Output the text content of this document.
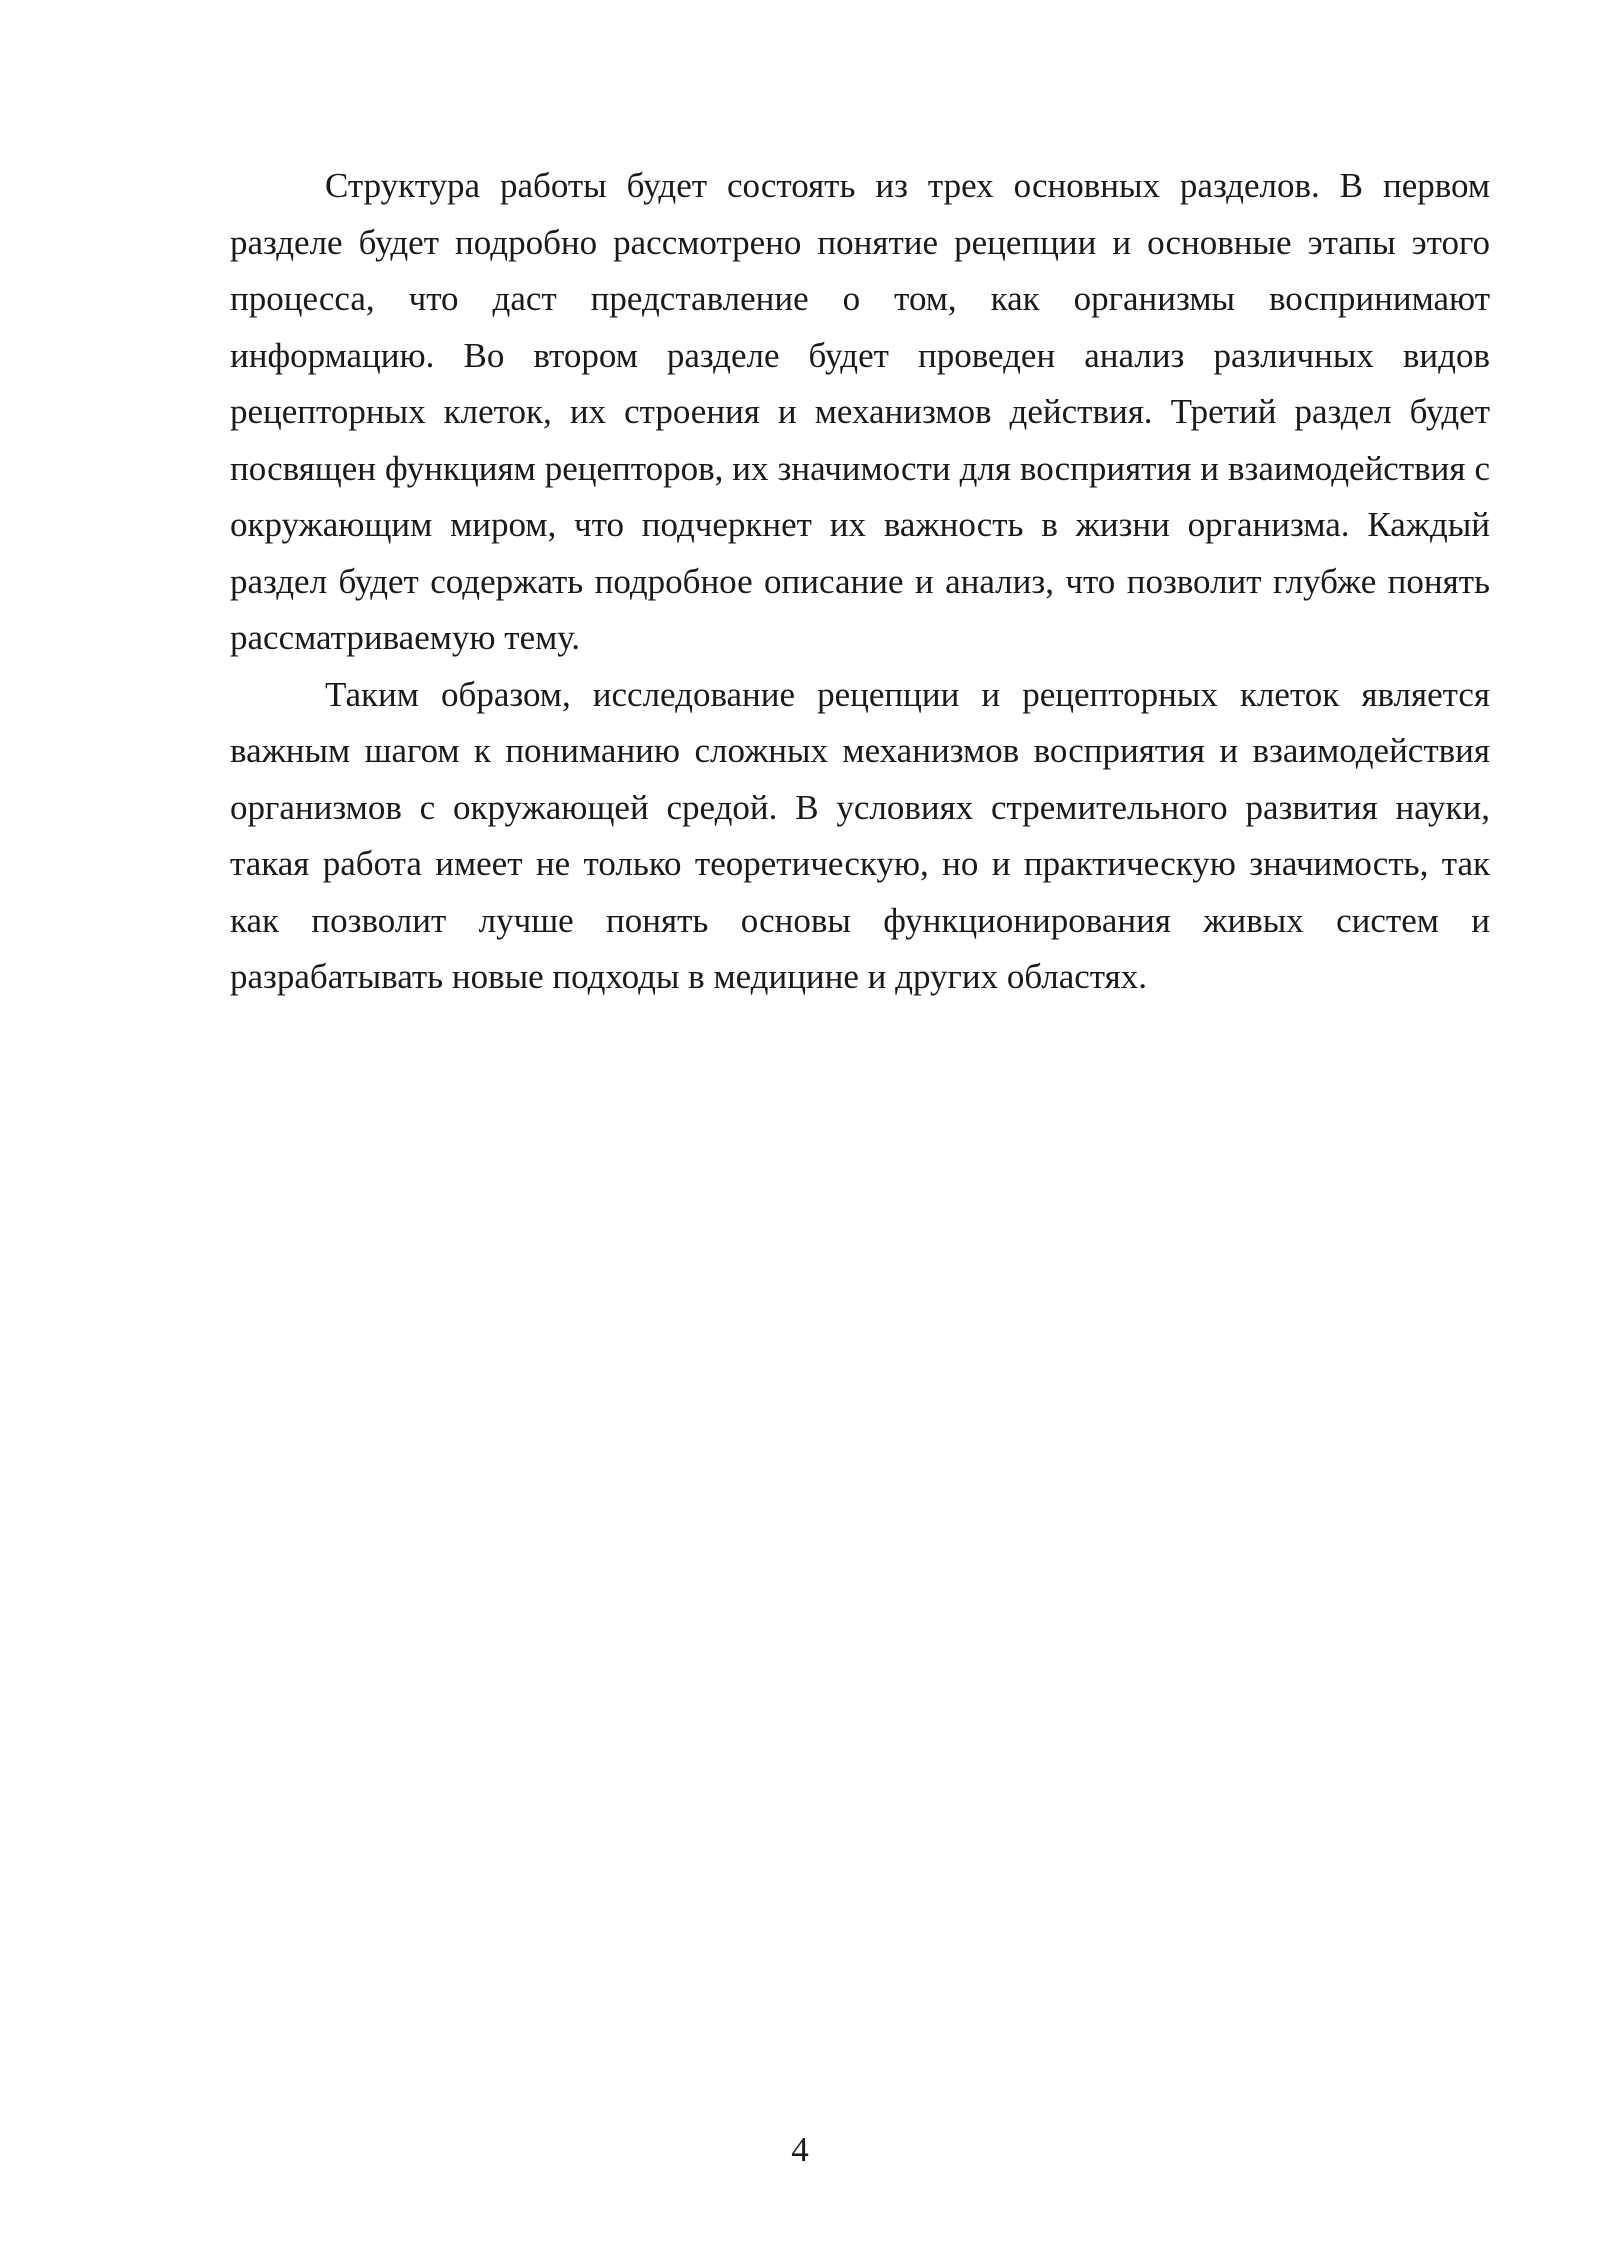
Структура работы будет состоять из трех основных разделов. В первом разделе будет подробно рассмотрено понятие рецепции и основные этапы этого процесса, что даст представление о том, как организмы воспринимают информацию. Во втором разделе будет проведен анализ различных видов рецепторных клеток, их строения и механизмов действия. Третий раздел будет посвящен функциям рецепторов, их значимости для восприятия и взаимодействия с окружающим миром, что подчеркнет их важность в жизни организма. Каждый раздел будет содержать подробное описание и анализ, что позволит глубже понять рассматриваемую тему.

Таким образом, исследование рецепции и рецепторных клеток является важным шагом к пониманию сложных механизмов восприятия и взаимодействия организмов с окружающей средой. В условиях стремительного развития науки, такая работа имеет не только теоретическую, но и практическую значимость, так как позволит лучше понять основы функционирования живых систем и разрабатывать новые подходы в медицине и других областях.

4
